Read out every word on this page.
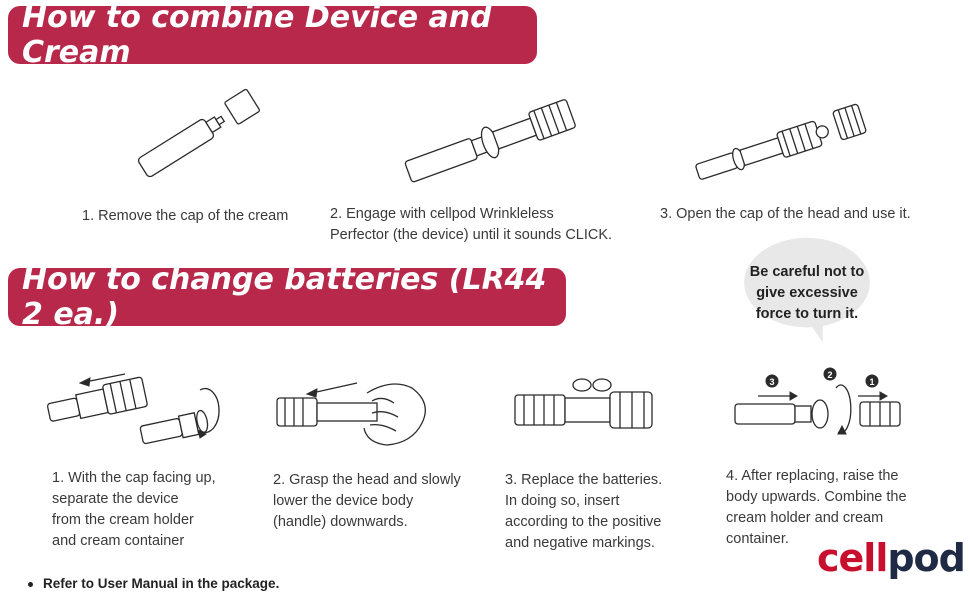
How to combine Device and Cream
How to change batteries (LR44 2 ea.)
1. Remove the cap of the cream	2. Engage with cellpod Wrinkleless
Perfector (the device) until it sounds CLICK.
3. Open the cap of the head and use it.
Be careful not to
give excessive
force to turn it.
3
2
1
1. With the cap facing up,
separate the device
from the cream holder
and cream container
2. Grasp the head and slowly
lower the device body
(handle) downwards.
3. Replace the batteries.
In doing so, insert
according to the positive
and negative markings.
4. After replacing, raise the
body upwards. Combine the
cream holder and cream
container.
Refer to User Manual in the package.
cellpod
